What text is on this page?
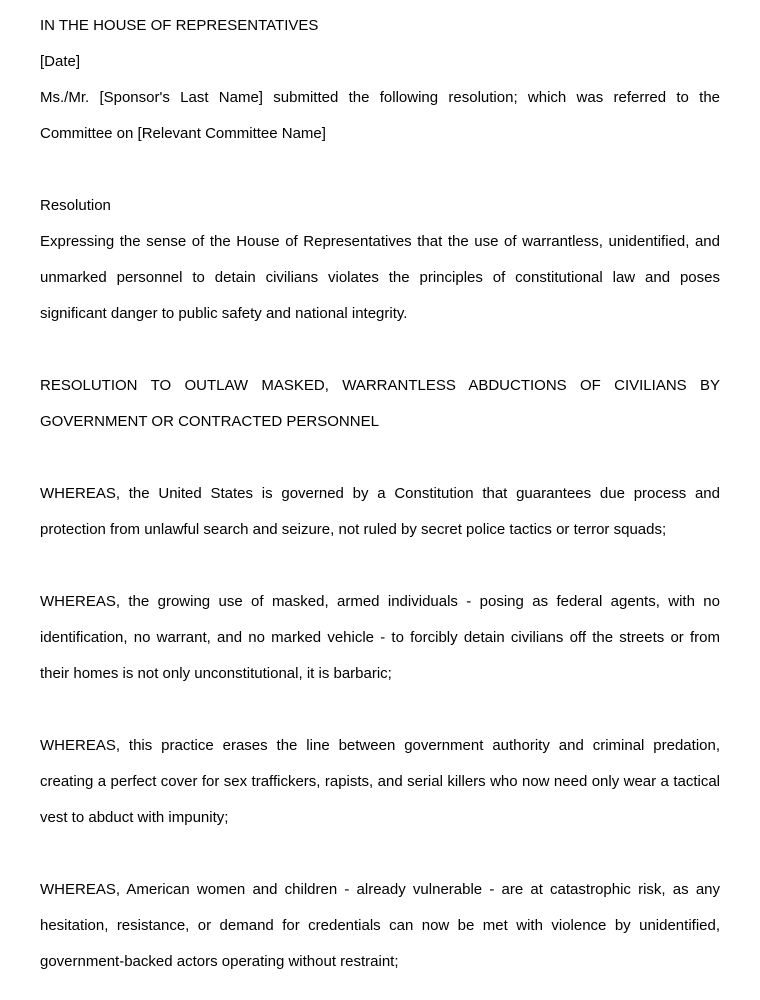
IN THE HOUSE OF REPRESENTATIVES

[Date]

Ms./Mr. [Sponsor's Last Name] submitted the following resolution; which was referred to the Committee on [Relevant Committee Name]

Resolution

Expressing the sense of the House of Representatives that the use of warrantless, unidentified, and unmarked personnel to detain civilians violates the principles of constitutional law and poses significant danger to public safety and national integrity.

RESOLUTION TO OUTLAW MASKED, WARRANTLESS ABDUCTIONS OF CIVILIANS BY GOVERNMENT OR CONTRACTED PERSONNEL

WHEREAS, the United States is governed by a Constitution that guarantees due process and protection from unlawful search and seizure, not ruled by secret police tactics or terror squads;

WHEREAS, the growing use of masked, armed individuals - posing as federal agents, with no identification, no warrant, and no marked vehicle - to forcibly detain civilians off the streets or from their homes is not only unconstitutional, it is barbaric;

WHEREAS, this practice erases the line between government authority and criminal predation, creating a perfect cover for sex traffickers, rapists, and serial killers who now need only wear a tactical vest to abduct with impunity;

WHEREAS, American women and children - already vulnerable - are at catastrophic risk, as any hesitation, resistance, or demand for credentials can now be met with violence by unidentified, government-backed actors operating without restraint;
